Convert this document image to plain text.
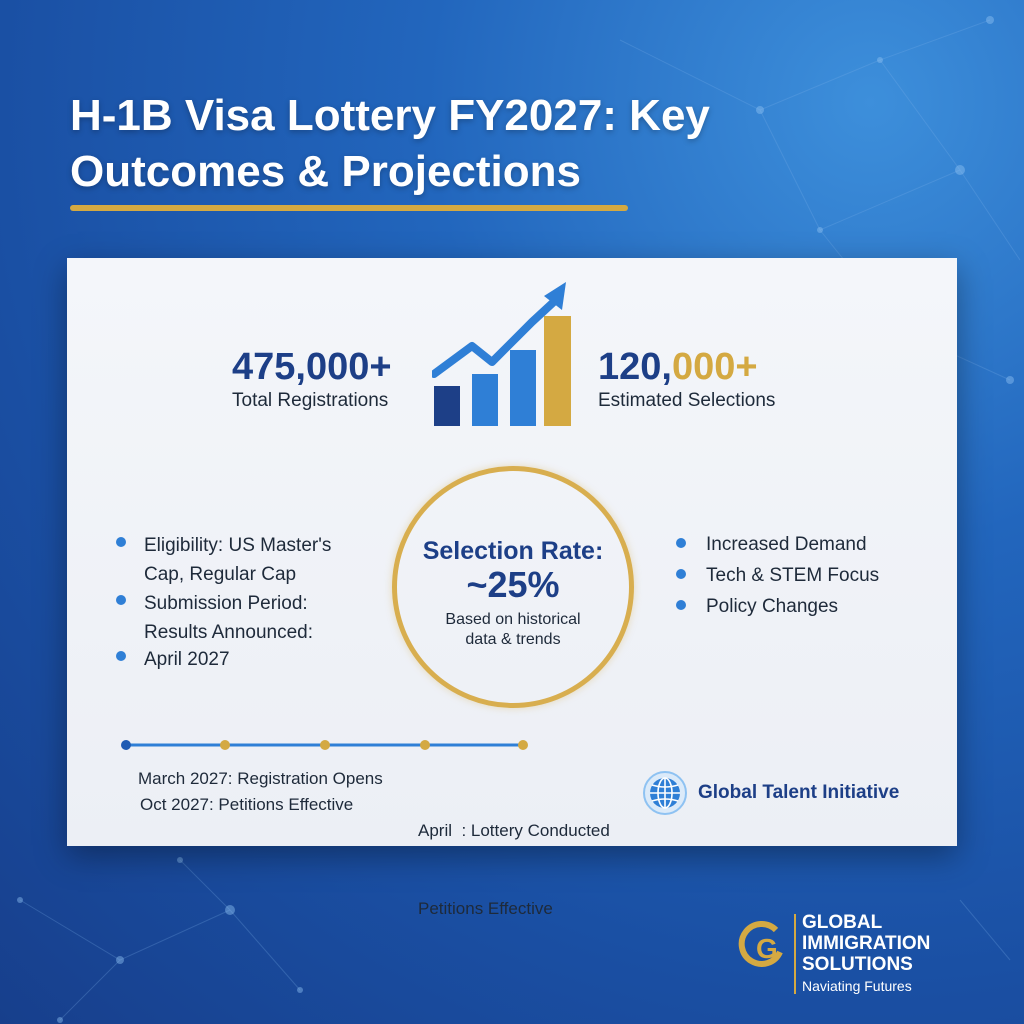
H-1B Visa Lottery FY2027: Key Outcomes & Projections
475,000+
Total Registrations
120,000+
Estimated Selections
Eligibility: US Master's
Cap, Regular Cap
Submission Period:
Results Announced:
April 2027
Selection Rate:
~25%
Based on historical
data & trends
Increased Demand
Tech & STEM Focus
Policy Changes
March 2027: Registration Opens
Oct 2027: Petitions Effective

April  : Lottery Conducted

Petitions Effective

Global Talent Initiative
G
GLOBAL
IMMIGRATION
SOLUTIONS
Naviating Futures
